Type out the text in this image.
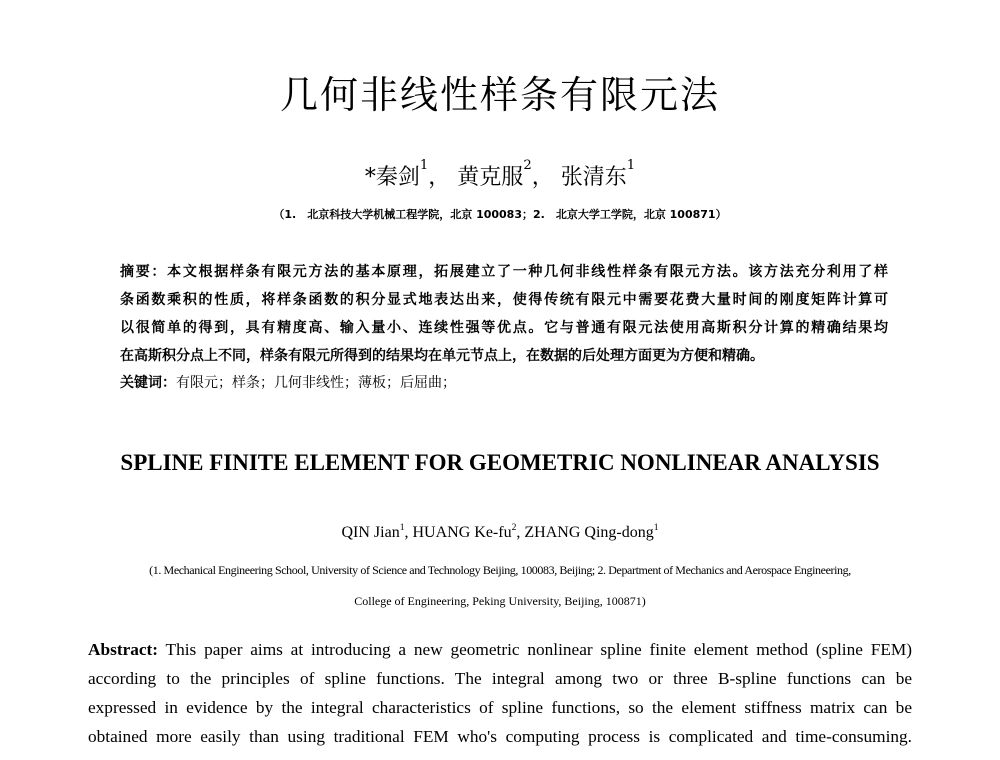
几何非线性样条有限元法
*秦剑$^1$， 黄克服$^2$， 张清东$^1$
（1.　北京科技大学机械工程学院，北京 100083；2.　北京大学工学院，北京 100871）
摘要：本文根据样条有限元方法的基本原理，拓展建立了一种几何非线性样条有限元方法。该方法充分利用了样
条函数乘积的性质，将样条函数的积分显式地表达出来，使得传统有限元中需要花费大量时间的刚度矩阵计算可
以很简单的得到，具有精度高、输入量小、连续性强等优点。它与普通有限元法使用高斯积分计算的精确结果均
在高斯积分点上不同，样条有限元所得到的结果均在单元节点上，在数据的后处理方面更为方便和精确。
关键词：有限元；样条；几何非线性；薄板；后屈曲；
SPLINE FINITE ELEMENT FOR GEOMETRIC NONLINEAR ANALYSIS
QIN Jian$^1$, HUANG $Ke-fu^2$, ZHANG Qing-dong$^1$
(1. Mechanical Engineering School, University of Science and Technology Beijing, 100083, Beijing; 2. Department of Mechanics and Aerospace Engineering,
College of Engineering, Peking University, Beijing, 100871)
Abstract: This paper aims at introducing a new geometric nonlinear spline finite element method (spline FEM)
according to the principles of spline functions. The integral among two or three B-spline functions can be
expressed in evidence by the integral characteristics of spline functions, so the element stiffness matrix can be
obtained more easily than using traditional FEM who's computing process is complicated and time-consuming.
